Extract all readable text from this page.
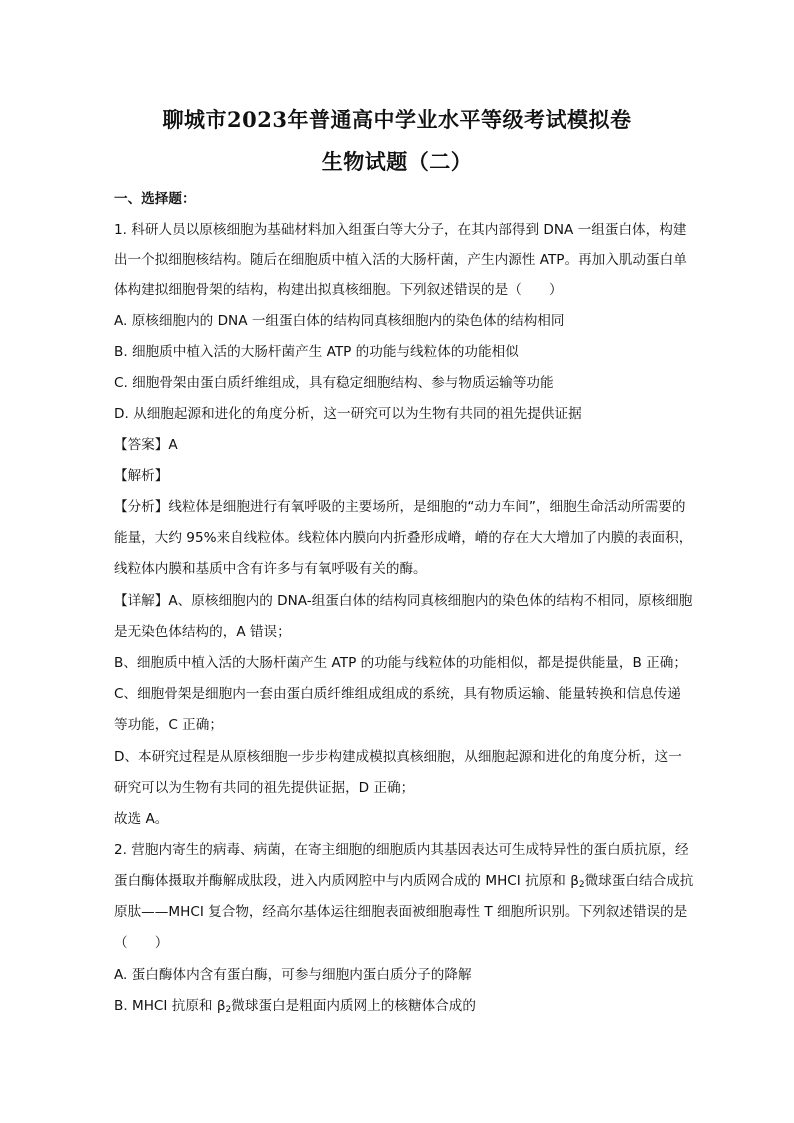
聊城市2023年普通高中学业水平等级考试模拟卷
生物试题（二）
一、选择题：
1. 科研人员以原核细胞为基础材料加入组蛋白等大分子，在其内部得到 DNA 一组蛋白体，构建
出一个拟细胞核结构。随后在细胞质中植入活的大肠杆菌，产生内源性 ATP。再加入肌动蛋白单
体构建拟细胞骨架的结构，构建出拟真核细胞。下列叙述错误的是（　　）
A. 原核细胞内的 DNA 一组蛋白体的结构同真核细胞内的染色体的结构相同
B. 细胞质中植入活的大肠杆菌产生 ATP 的功能与线粒体的功能相似
C. 细胞骨架由蛋白质纤维组成，具有稳定细胞结构、参与物质运输等功能
D. 从细胞起源和进化的角度分析，这一研究可以为生物有共同的祖先提供证据
【答案】A
【解析】
【分析】线粒体是细胞进行有氧呼吸的主要场所，是细胞的“动力车间”，细胞生命活动所需要的
能量，大约 95%来自线粒体。线粒体内膜向内折叠形成嵴，嵴的存在大大增加了内膜的表面积，
线粒体内膜和基质中含有许多与有氧呼吸有关的酶。
【详解】A、原核细胞内的 DNA-组蛋白体的结构同真核细胞内的染色体的结构不相同，原核细胞
是无染色体结构的，A 错误；
B、细胞质中植入活的大肠杆菌产生 ATP 的功能与线粒体的功能相似，都是提供能量，B 正确；
C、细胞骨架是细胞内一套由蛋白质纤维组成组成的系统，具有物质运输、能量转换和信息传递
等功能，C 正确；
D、本研究过程是从原核细胞一步步构建成模拟真核细胞，从细胞起源和进化的角度分析，这一
研究可以为生物有共同的祖先提供证据，D 正确；
故选 A。
2. 营胞内寄生的病毒、病菌，在寄主细胞的细胞质内其基因表达可生成特异性的蛋白质抗原，经
蛋白酶体摄取并酶解成肽段，进入内质网腔中与内质网合成的 MHCI 抗原和 $\beta_2$微球蛋白结合成抗
原肽——MHCI 复合物，经高尔基体运往细胞表面被细胞毒性 T 细胞所识别。下列叙述错误的是
（　　）
A. 蛋白酶体内含有蛋白酶，可参与细胞内蛋白质分子的降解
B. MHCI 抗原和 $\beta_2$微球蛋白是粗面内质网上的核糖体合成的
